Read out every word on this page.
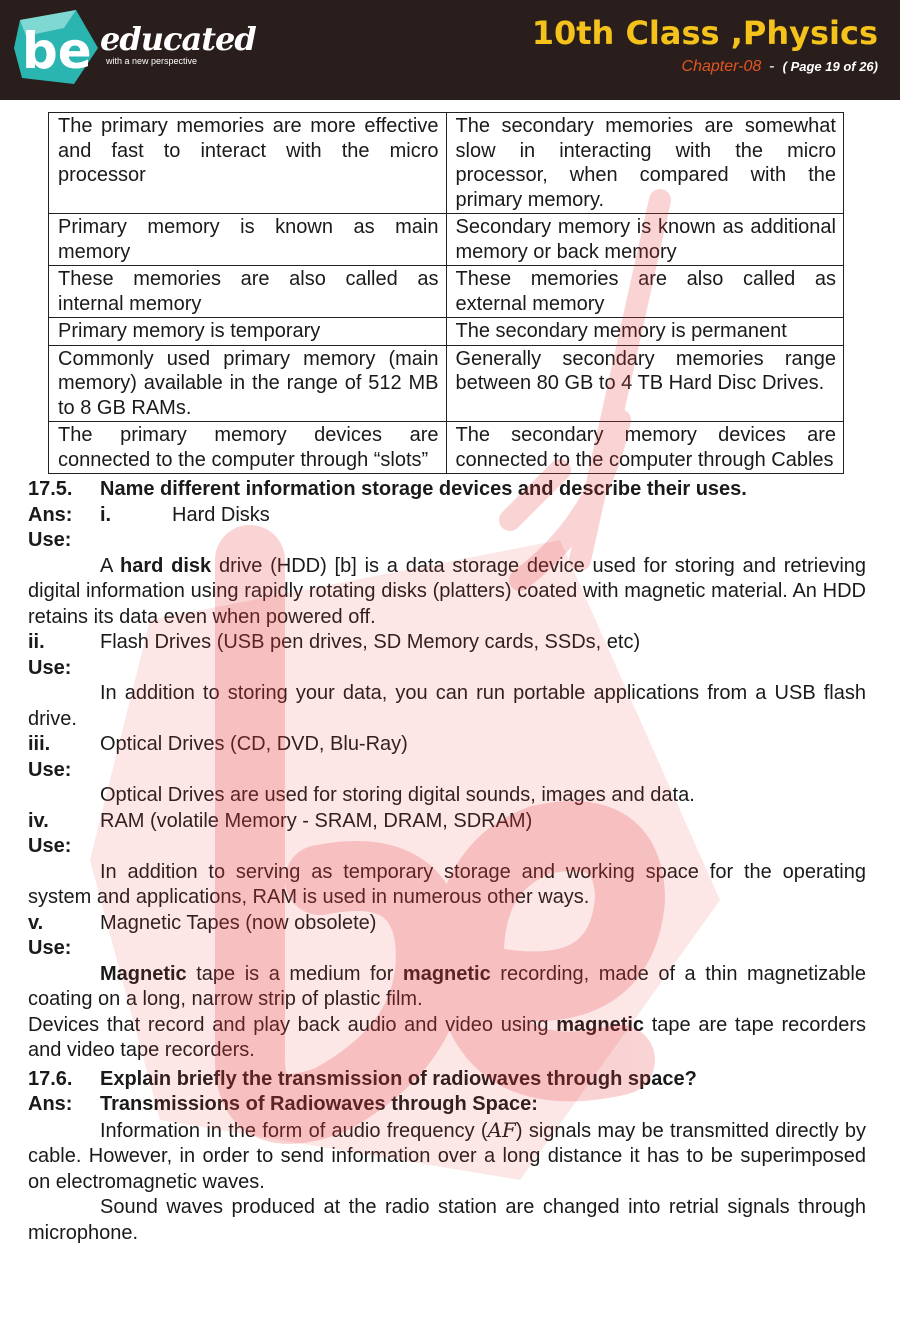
be educated
with a new perspective
10th Class ,Physics
Chapter-08 - ( Page 19 of 26)
The primary memories are more effective and fast to interact with the micro processor	The secondary memories are somewhat slow in interacting with the micro processor, when compared with the primary memory.
Primary memory is known as main memory	Secondary memory is known as additional memory or back memory
These memories are also called as internal memory	These memories are also called as external memory
Primary memory is temporary	The secondary memory is permanent
Commonly used primary memory (main memory) available in the range of 512 MB to 8 GB RAMs.	Generally secondary memories range between 80 GB to 4 TB Hard Disc Drives.
The primary memory devices are connected to the computer through “slots”	The secondary memory devices are connected to the computer through Cables
17.5.	Name different information storage devices and describe their uses.
Ans:	i.	Hard Disks
Use:

A hard disk drive (HDD) [b] is a data storage device used for storing and retrieving digital information using rapidly rotating disks (platters) coated with magnetic material. An HDD retains its data even when powered off.

ii.	Flash Drives (USB pen drives, SD Memory cards, SSDs, etc)
Use:

In addition to storing your data, you can run portable applications from a USB flash drive.

iii.	Optical Drives (CD, DVD, Blu-Ray)
Use:

Optical Drives are used for storing digital sounds, images and data.

iv.	RAM (volatile Memory - SRAM, DRAM, SDRAM)
Use:

In addition to serving as temporary storage and working space for the operating system and applications, RAM is used in numerous other ways.

v.	Magnetic Tapes (now obsolete)
Use:

Magnetic tape is a medium for magnetic recording, made of a thin magnetizable coating on a long, narrow strip of plastic film.

Devices that record and play back audio and video using magnetic tape are tape recorders and video tape recorders.

17.6.	Explain briefly the transmission of radiowaves through space?
Ans:	Transmissions of Radiowaves through Space:

Information in the form of audio frequency (AF) signals may be transmitted directly by cable. However, in order to send information over a long distance it has to be superimposed on electromagnetic waves.

Sound waves produced at the radio station are changed into retrial signals through microphone.
